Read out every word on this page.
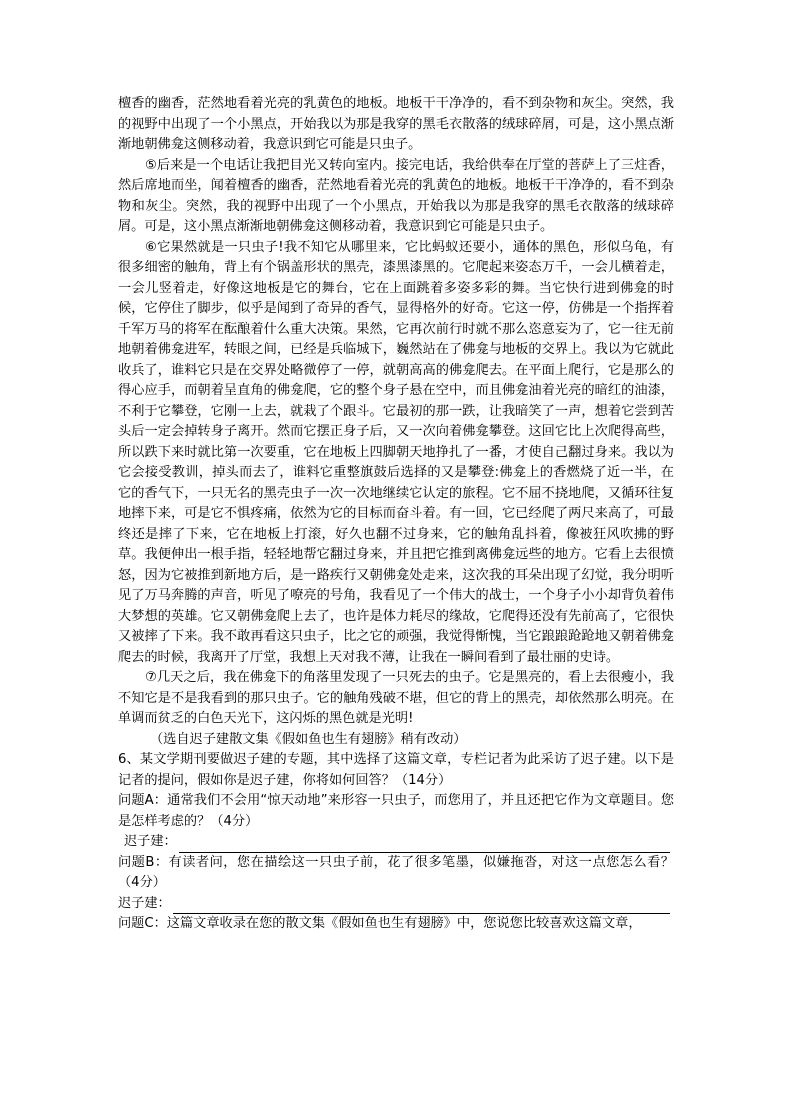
檀香的幽香，茫然地看着光亮的乳黄色的地板。地板干干净净的，看不到杂物和灰尘。突然，我的视野中出现了一个小黑点，开始我以为那是我穿的黑毛衣散落的绒球碎屑，可是，这小黑点渐渐地朝佛龛这侧移动着，我意识到它可能是只虫子。

⑤后来是一个电话让我把目光又转向室内。接完电话，我给供奉在厅堂的菩萨上了三炷香，然后席地而坐，闻着檀香的幽香，茫然地看着光亮的乳黄色的地板。地板干干净净的，看不到杂物和灰尘。突然，我的视野中出现了一个小黑点，开始我以为那是我穿的黑毛衣散落的绒球碎屑。可是，这小黑点渐渐地朝佛龛这侧移动着，我意识到它可能是只虫子。

⑥它果然就是一只虫子!我不知它从哪里来，它比蚂蚁还要小，通体的黑色，形似乌龟，有很多细密的触角，背上有个锅盖形状的黑壳，漆黑漆黑的。它爬起来姿态万千，一会儿横着走，一会儿竖着走，好像这地板是它的舞台，它在上面跳着多姿多彩的舞。当它快行进到佛龛的时候，它停住了脚步，似乎是闻到了奇异的香气，显得格外的好奇。它这一停，仿佛是一个指挥着千军万马的将军在酝酿着什么重大决策。果然，它再次前行时就不那么恣意妄为了，它一往无前地朝着佛龛进军，转眼之间，已经是兵临城下，巍然站在了佛龛与地板的交界上。我以为它就此收兵了，谁料它只是在交界处略微停了一停，就朝高高的佛龛爬去。在平面上爬行，它是那么的得心应手，而朝着呈直角的佛龛爬，它的整个身子悬在空中，而且佛龛油着光亮的暗红的油漆，不利于它攀登，它刚一上去，就栽了个跟斗。它最初的那一跌，让我暗笑了一声，想着它尝到苦头后一定会掉转身子离开。然而它摆正身子后，又一次向着佛龛攀登。这回它比上次爬得高些，所以跌下来时就比第一次要重，它在地板上四脚朝天地挣扎了一番，才使自己翻过身来。我以为它会接受教训，掉头而去了，谁料它重整旗鼓后选择的又是攀登:佛龛上的香燃烧了近一半，在它的香气下，一只无名的黑壳虫子一次一次地继续它认定的旅程。它不屈不挠地爬，又循环往复地摔下来，可是它不惧疼痛，依然为它的目标而奋斗着。有一回，它已经爬了两尺来高了，可最终还是摔了下来，它在地板上打滚，好久也翻不过身来，它的触角乱抖着，像被狂风吹拂的野草。我便伸出一根手指，轻轻地帮它翻过身来，并且把它推到离佛龛远些的地方。它看上去很愤怒，因为它被推到新地方后，是一路疾行又朝佛龛处走来，这次我的耳朵出现了幻觉，我分明听见了万马奔腾的声音，听见了嘹亮的号角，我看见了一个伟大的战士，一个身子小小却背负着伟大梦想的英雄。它又朝佛龛爬上去了，也许是体力耗尽的缘故，它爬得还没有先前高了，它很快又被摔了下来。我不敢再看这只虫子，比之它的顽强，我觉得惭愧，当它踉踉跄跄地又朝着佛龛爬去的时候，我离开了厅堂，我想上天对我不薄，让我在一瞬间看到了最壮丽的史诗。

⑦几天之后，我在佛龛下的角落里发现了一只死去的虫子。它是黑亮的，看上去很瘦小，我不知它是不是我看到的那只虫子。它的触角残破不堪，但它的背上的黑壳，却依然那么明亮。在单调而贫乏的白色天光下，这闪烁的黑色就是光明!

（选自迟子建散文集《假如鱼也生有翅膀》稍有改动）

6、某文学期刊要做迟子建的专题，其中选择了这篇文章，专栏记者为此采访了迟子建。以下是记者的提问，假如你是迟子建，你将如何回答？（14分）

问题A：通常我们不会用“惊天动地”来形容一只虫子，而您用了，并且还把它作为文章题目。您是怎样考虑的？（4分）

迟子建：

问题B：有读者问，您在描绘这一只虫子前，花了很多笔墨，似嫌拖沓，对这一点您怎么看？（4分）

迟子建：

问题C：这篇文章收录在您的散文集《假如鱼也生有翅膀》中，您说您比较喜欢这篇文章，
